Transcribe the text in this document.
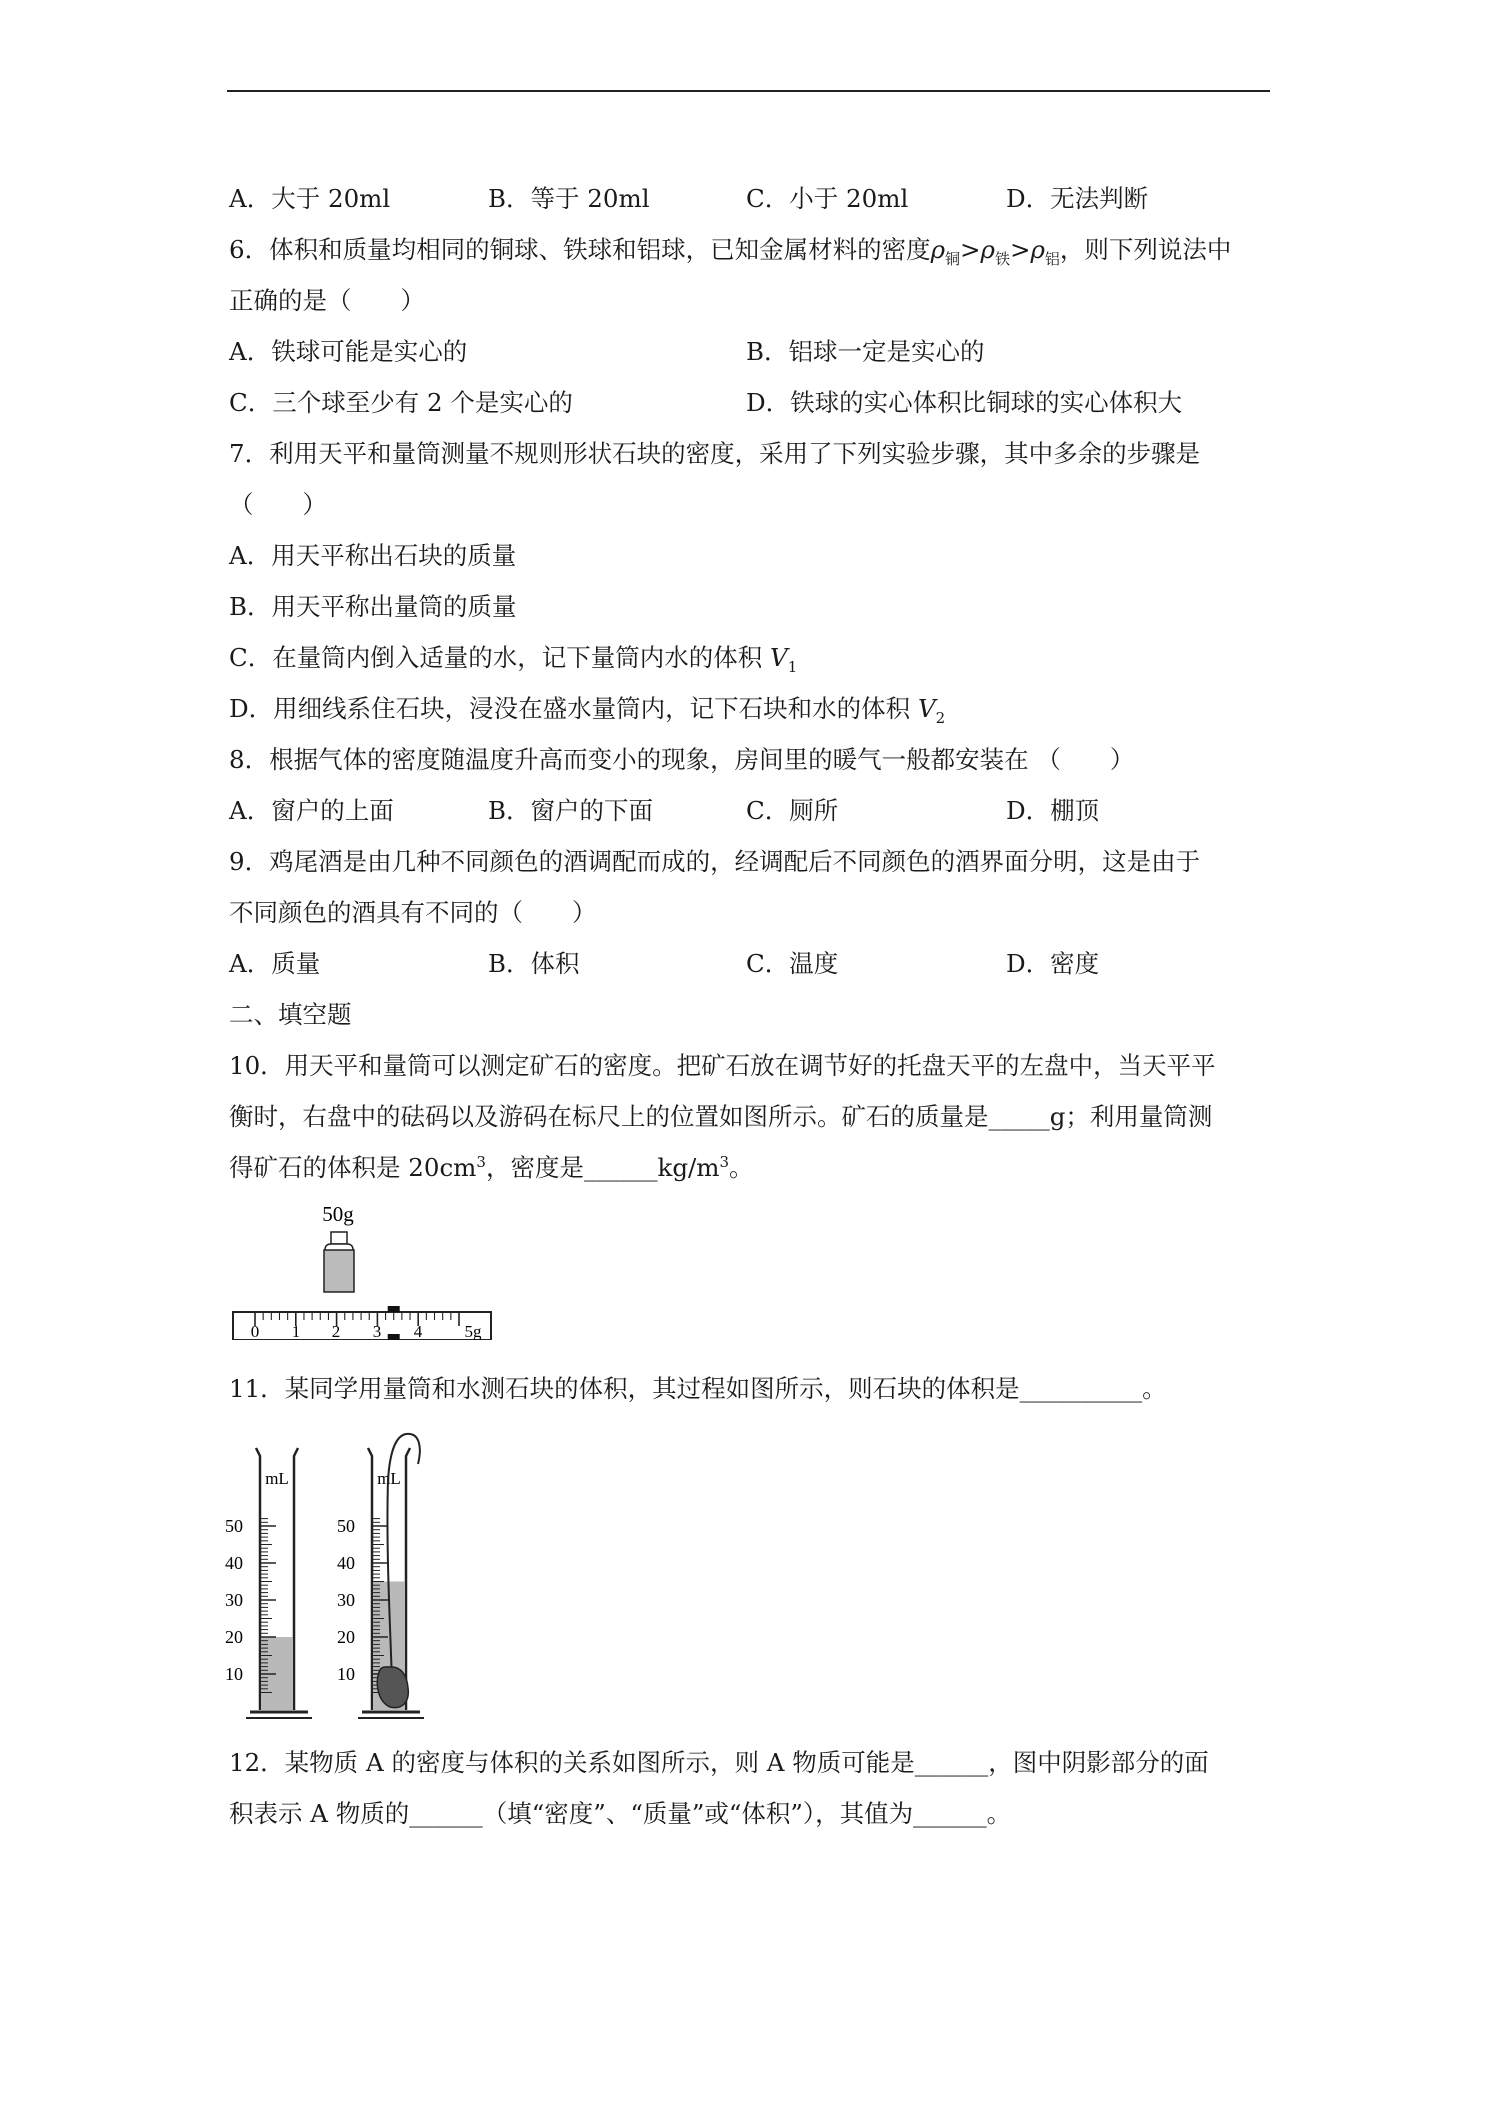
A．大于 20ml	B．等于 20ml	C．小于 20ml	D．无法判断
6．体积和质量均相同的铜球、铁球和铝球，已知金属材料的密度$\rho_铜>\rho_铁>\rho_铝$，则下列说法中
正确的是（　　）
A．铁球可能是实心的	B．铝球一定是实心的
C．三个球至少有 2 个是实心的	D．铁球的实心体积比铜球的实心体积大
7．利用天平和量筒测量不规则形状石块的密度，采用了下列实验步骤，其中多余的步骤是
（　　）
A．用天平称出石块的质量
B．用天平称出量筒的质量
C．在量筒内倒入适量的水，记下量筒内水的体积 $V_1$
D．用细线系住石块，浸没在盛水量筒内，记下石块和水的体积 $V_2$
8．根据气体的密度随温度升高而变小的现象，房间里的暖气一般都安装在 （　　）
A．窗户的上面	B．窗户的下面	C．厕所	D．棚顶
9．鸡尾酒是由几种不同颜色的酒调配而成的，经调配后不同颜色的酒界面分明，这是由于
不同颜色的酒具有不同的（　　）
A．质量	B．体积	C．温度	D．密度
二、填空题
10．用天平和量筒可以测定矿石的密度。把矿石放在调节好的托盘天平的左盘中，当天平平
衡时，右盘中的砝码以及游码在标尺上的位置如图所示。矿石的质量是_____g；利用量筒测
得矿石的体积是 $20cm^3$，密度是$\_\_\_\_\_\_kg/m^3$。
50g
0 1 2 3 4 5g
11．某同学用量筒和水测石块的体积，其过程如图所示，则石块的体积是__________。
mL
50
40
30
20
10
mL
50
40
30
20
10
12．某物质 A 的密度与体积的关系如图所示，则 A 物质可能是______，图中阴影部分的面
积表示 A 物质的______（填“密度”、“质量”或“体积”），其值为______。
